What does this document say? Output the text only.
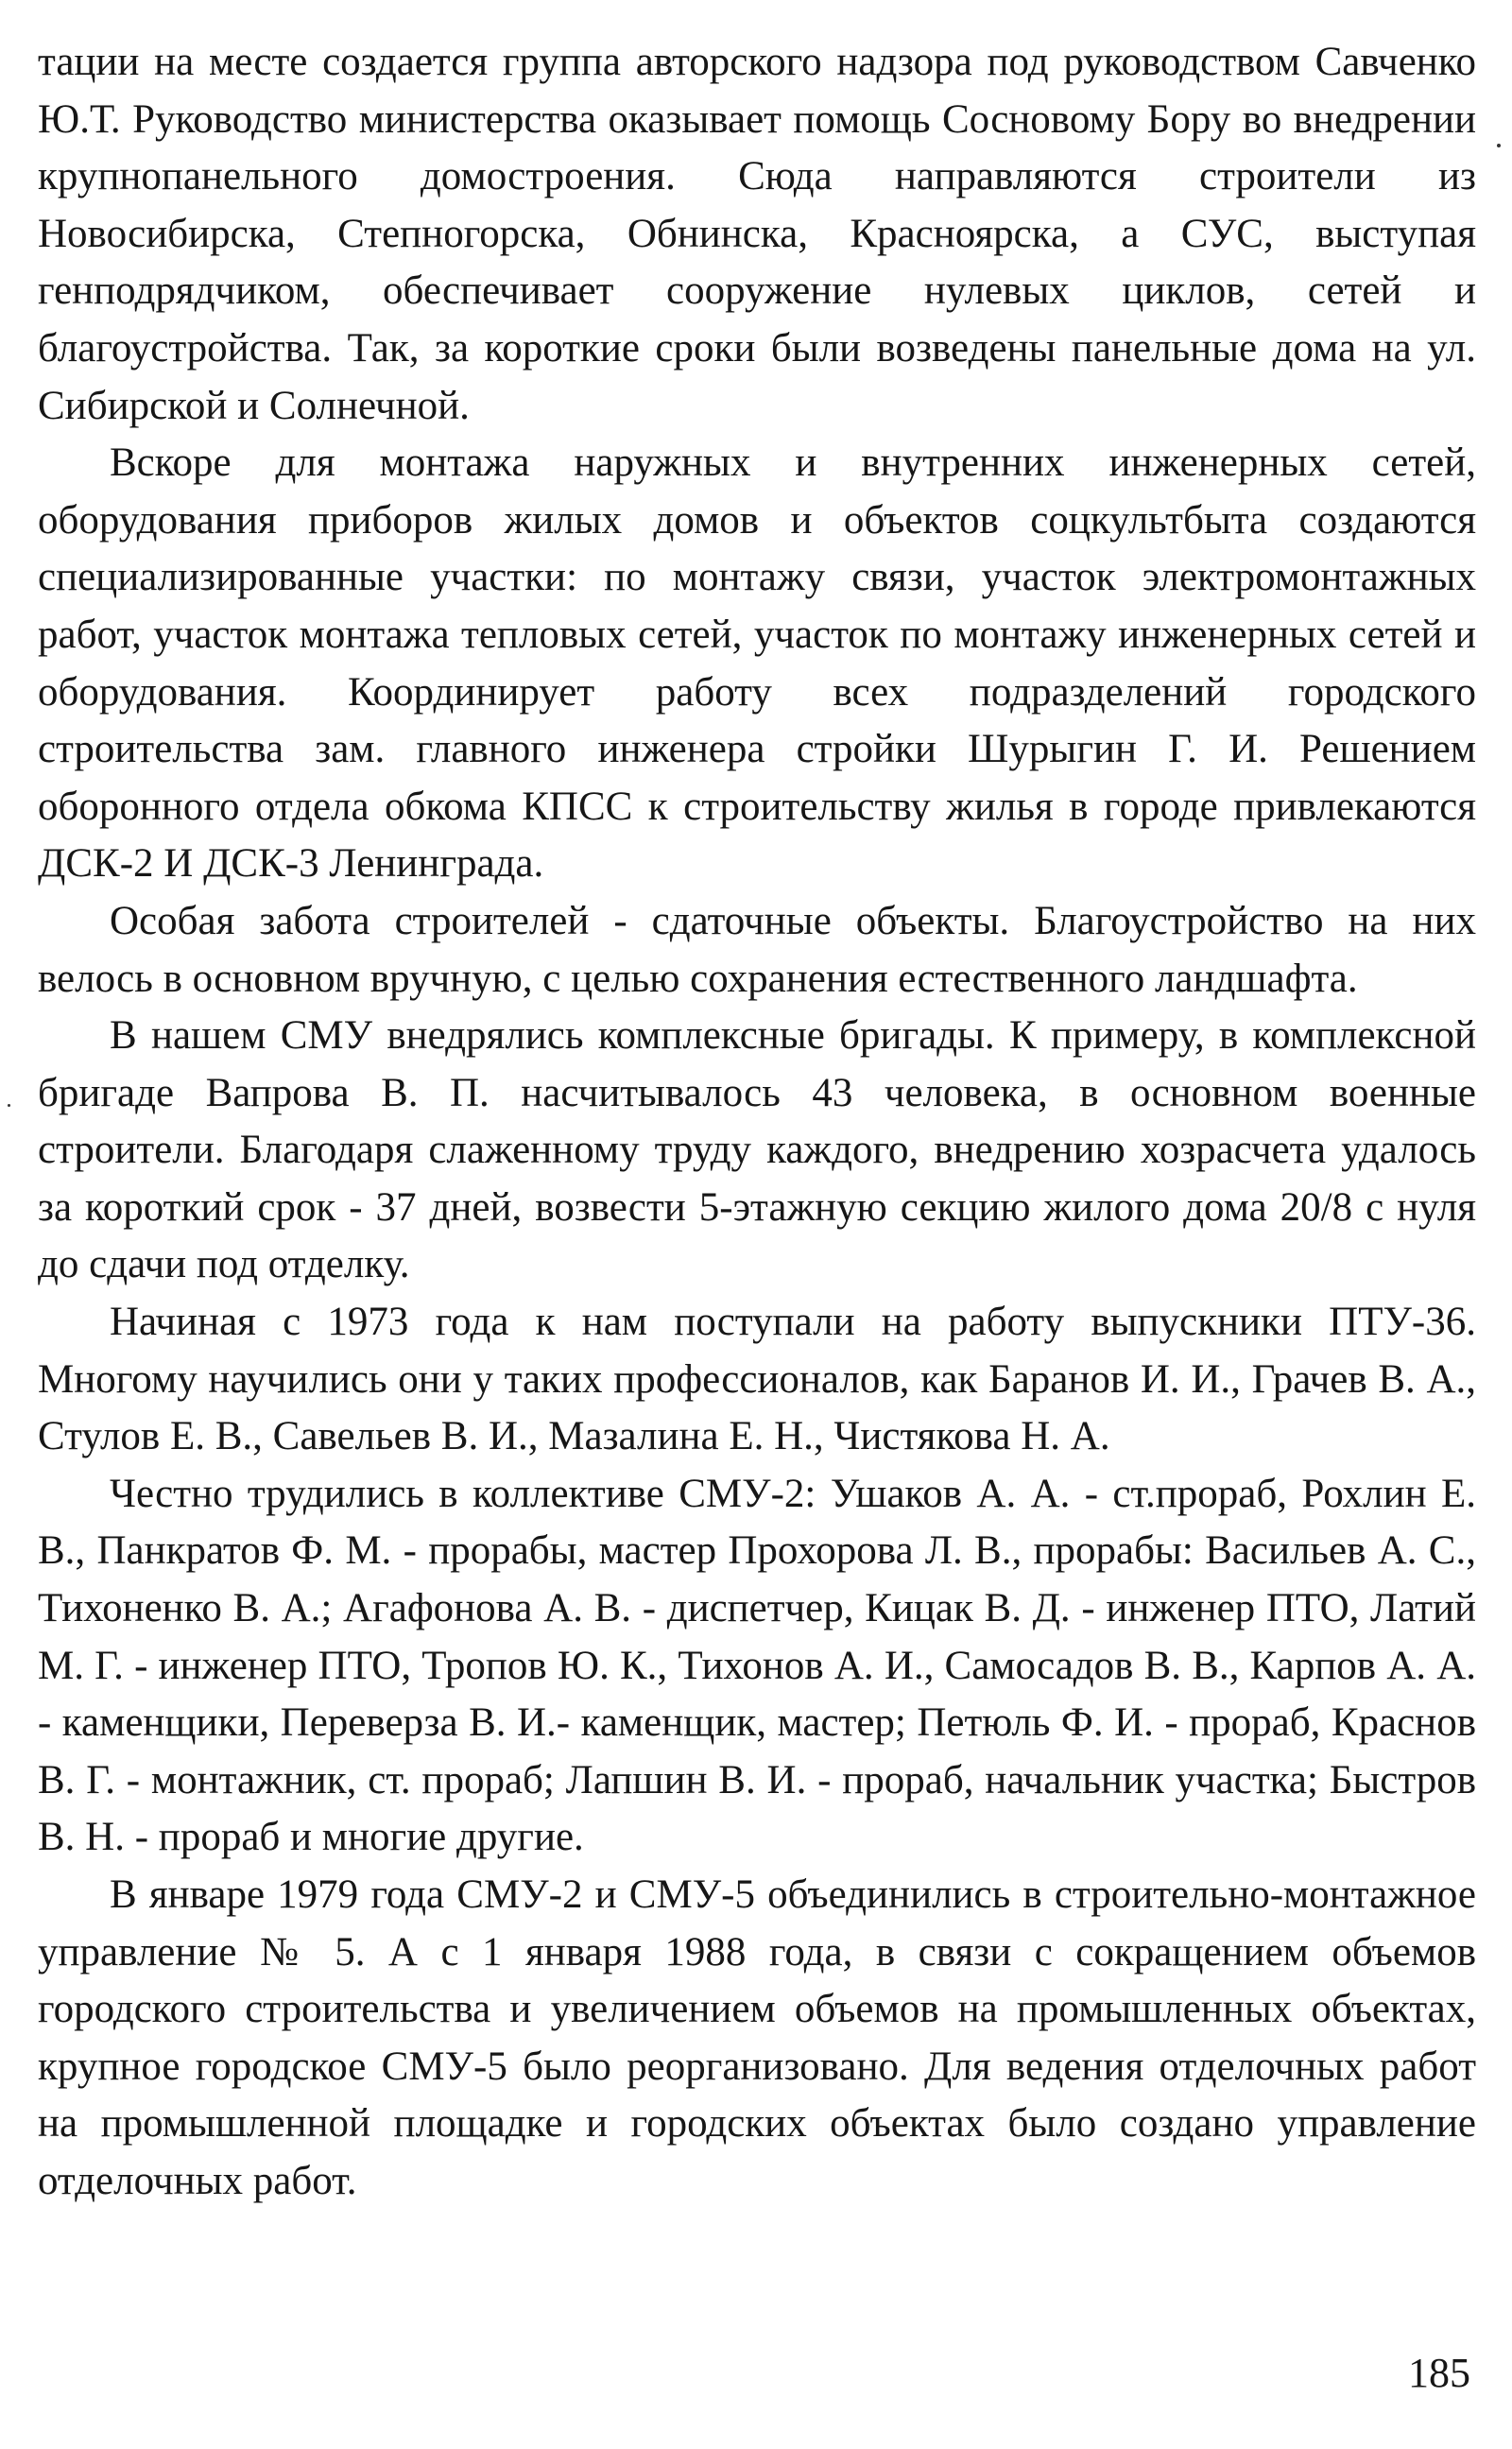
тации на месте создается группа авторского надзора под руководством Савченко Ю.Т. Руководство министерства оказывает помощь Сосновому Бору во внедрении крупнопанельного домостроения. Сюда направляются строители из Новосибирска, Степногорска, Обнинска, Красноярска, а СУС, выступая генподрядчиком, обеспечивает сооружение нулевых циклов, сетей и благоустройства. Так, за короткие сроки были возведены панельные дома на ул. Сибирской и Солнечной.

Вскоре для монтажа наружных и внутренних инженерных сетей, оборудования приборов жилых домов и объектов соцкультбыта создаются специализированные участки: по монтажу связи, участок электромонтажных работ, участок монтажа тепловых сетей, участок по монтажу инженерных сетей и оборудования. Координирует работу всех подразделений городского строительства зам. главного инженера стройки Шурыгин Г. И. Решением оборонного отдела обкома КПСС к строительству жилья в городе привлекаются ДСК-2 И ДСК-3 Ленинграда.

Особая забота строителей - сдаточные объекты. Благоустройство на них велось в основном вручную, с целью сохранения естественного ландшафта.

В нашем СМУ внедрялись комплексные бригады. К примеру, в комплексной бригаде Вапрова В. П. насчитывалось 43 человека, в основном военные строители. Благодаря слаженному труду каждого, внедрению хозрасчета удалось за короткий срок - 37 дней, возвести 5-этажную секцию жилого дома 20/8 с нуля до сдачи под отделку.

Начиная с 1973 года к нам поступали на работу выпускники ПТУ-36. Многому научились они у таких профессионалов, как Баранов И. И., Грачев В. А., Стулов Е. В., Савельев В. И., Мазалина Е. Н., Чистякова Н. А.

Честно трудились в коллективе СМУ-2: Ушаков А. А. - ст.прораб, Рохлин Е. В., Панкратов Ф. М. - прорабы, мастер Прохорова Л. В., прорабы: Васильев А. С., Тихоненко В. А.; Агафонова А. В. - диспетчер, Кицак В. Д. - инженер ПТО, Латий М. Г. - инженер ПТО, Тропов Ю. К., Тихонов А. И., Самосадов В. В., Карпов А. А. - каменщики, Переверза В. И.- каменщик, мастер; Петюль Ф. И. - прораб, Краснов В. Г. - монтажник, ст. прораб; Лапшин В. И. - прораб, начальник участка; Быстров В. Н. - прораб и многие другие.

В январе 1979 года СМУ-2 и СМУ-5 объединились в строительно-монтажное управление № 5. А с 1 января 1988 года, в связи с сокращением объемов городского строительства и увеличением объемов на промышленных объектах, крупное городское СМУ-5 было реорганизовано. Для ведения отделочных работ на промышленной площадке и городских объектах было создано управление отделочных работ.

185
